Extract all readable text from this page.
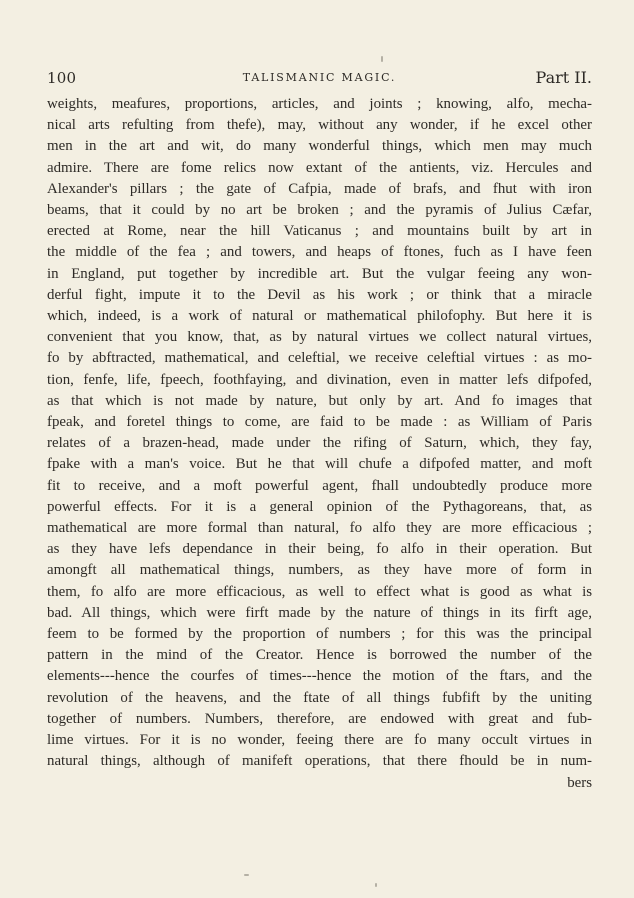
100	TALISMANIC MAGIC.	Part II.
weights, meafures, proportions, articles, and joints ; knowing, alfo, mecha-
nical arts refulting from thefe), may, without any wonder, if he excel other
men in the art and wit, do many wonderful things, which men may much
admire. There are fome relics now extant of the antients, viz. Hercules and
Alexander's pillars ; the gate of Cafpia, made of brafs, and fhut with iron
beams, that it could by no art be broken ; and the pyramis of Julius Cæfar,
erected at Rome, near the hill Vaticanus ; and mountains built by art in
the middle of the fea ; and towers, and heaps of ftones, fuch as I have feen
in England, put together by incredible art. But the vulgar feeing any won-
derful fight, impute it to the Devil as his work ; or think that a miracle
which, indeed, is a work of natural or mathematical philofophy. But here it is
convenient that you know, that, as by natural virtues we collect natural virtues,
fo by abftracted, mathematical, and celeftial, we receive celeftial virtues : as mo-
tion, fenfe, life, fpeech, foothfaying, and divination, even in matter lefs difpofed,
as that which is not made by nature, but only by art. And fo images that
fpeak, and foretel things to come, are faid to be made : as William of Paris
relates of a brazen-head, made under the rifing of Saturn, which, they fay,
fpake with a man's voice. But he that will chufe a difpofed matter, and moft
fit to receive, and a moft powerful agent, fhall undoubtedly produce more
powerful effects. For it is a general opinion of the Pythagoreans, that, as
mathematical are more formal than natural, fo alfo they are more efficacious ;
as they have lefs dependance in their being, fo alfo in their operation. But
amongft all mathematical things, numbers, as they have more of form in
them, fo alfo are more efficacious, as well to effect what is good as what is
bad. All things, which were firft made by the nature of things in its firft age,
feem to be formed by the proportion of numbers ; for this was the principal
pattern in the mind of the Creator. Hence is borrowed the number of the
elements---hence the courfes of times---hence the motion of the ftars, and the
revolution of the heavens, and the ftate of all things fubfift by the uniting
together of numbers. Numbers, therefore, are endowed with great and fub-
lime virtues. For it is no wonder, feeing there are fo many occult virtues in
natural things, although of manifeft operations, that there fhould be in num-
bers
